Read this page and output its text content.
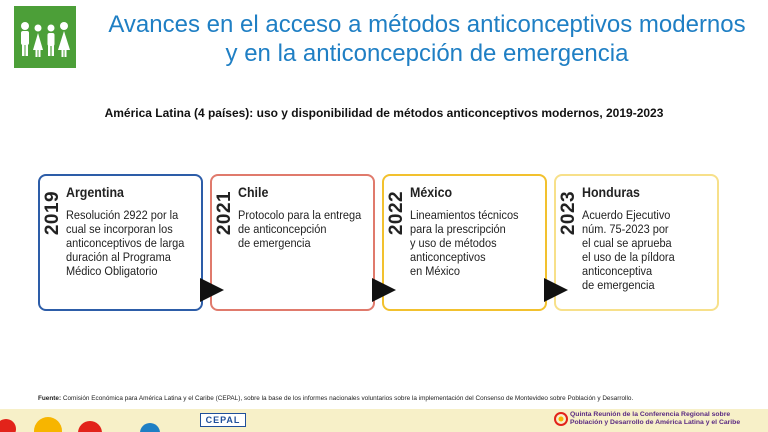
Avances en el acceso a métodos anticonceptivos modernos
y en la anticoncepción de emergencia
América Latina (4 países): uso y disponibilidad de métodos anticonceptivos modernos, 2019-2023
2019 Argentina
Resolución 2922 por la
cual se incorporan los
anticonceptivos de larga
duración al Programa
Médico Obligatorio
2021 Chile
Protocolo para la entrega
de anticoncepción
de emergencia
2022 México
Lineamientos técnicos
para la prescripción
y uso de métodos
anticonceptivos
en México
2023 Honduras
Acuerdo Ejecutivo
núm. 75-2023 por
el cual se aprueba
el uso de la píldora
anticonceptiva
de emergencia
Fuente: Comisión Económica para América Latina y el Caribe (CEPAL), sobre la base de los informes nacionales voluntarios sobre la implementación del Consenso de Montevideo sobre Población y Desarrollo.
CEPAL
Quinta Reunión de la Conferencia Regional sobre
Población y Desarrollo de América Latina y el Caribe
